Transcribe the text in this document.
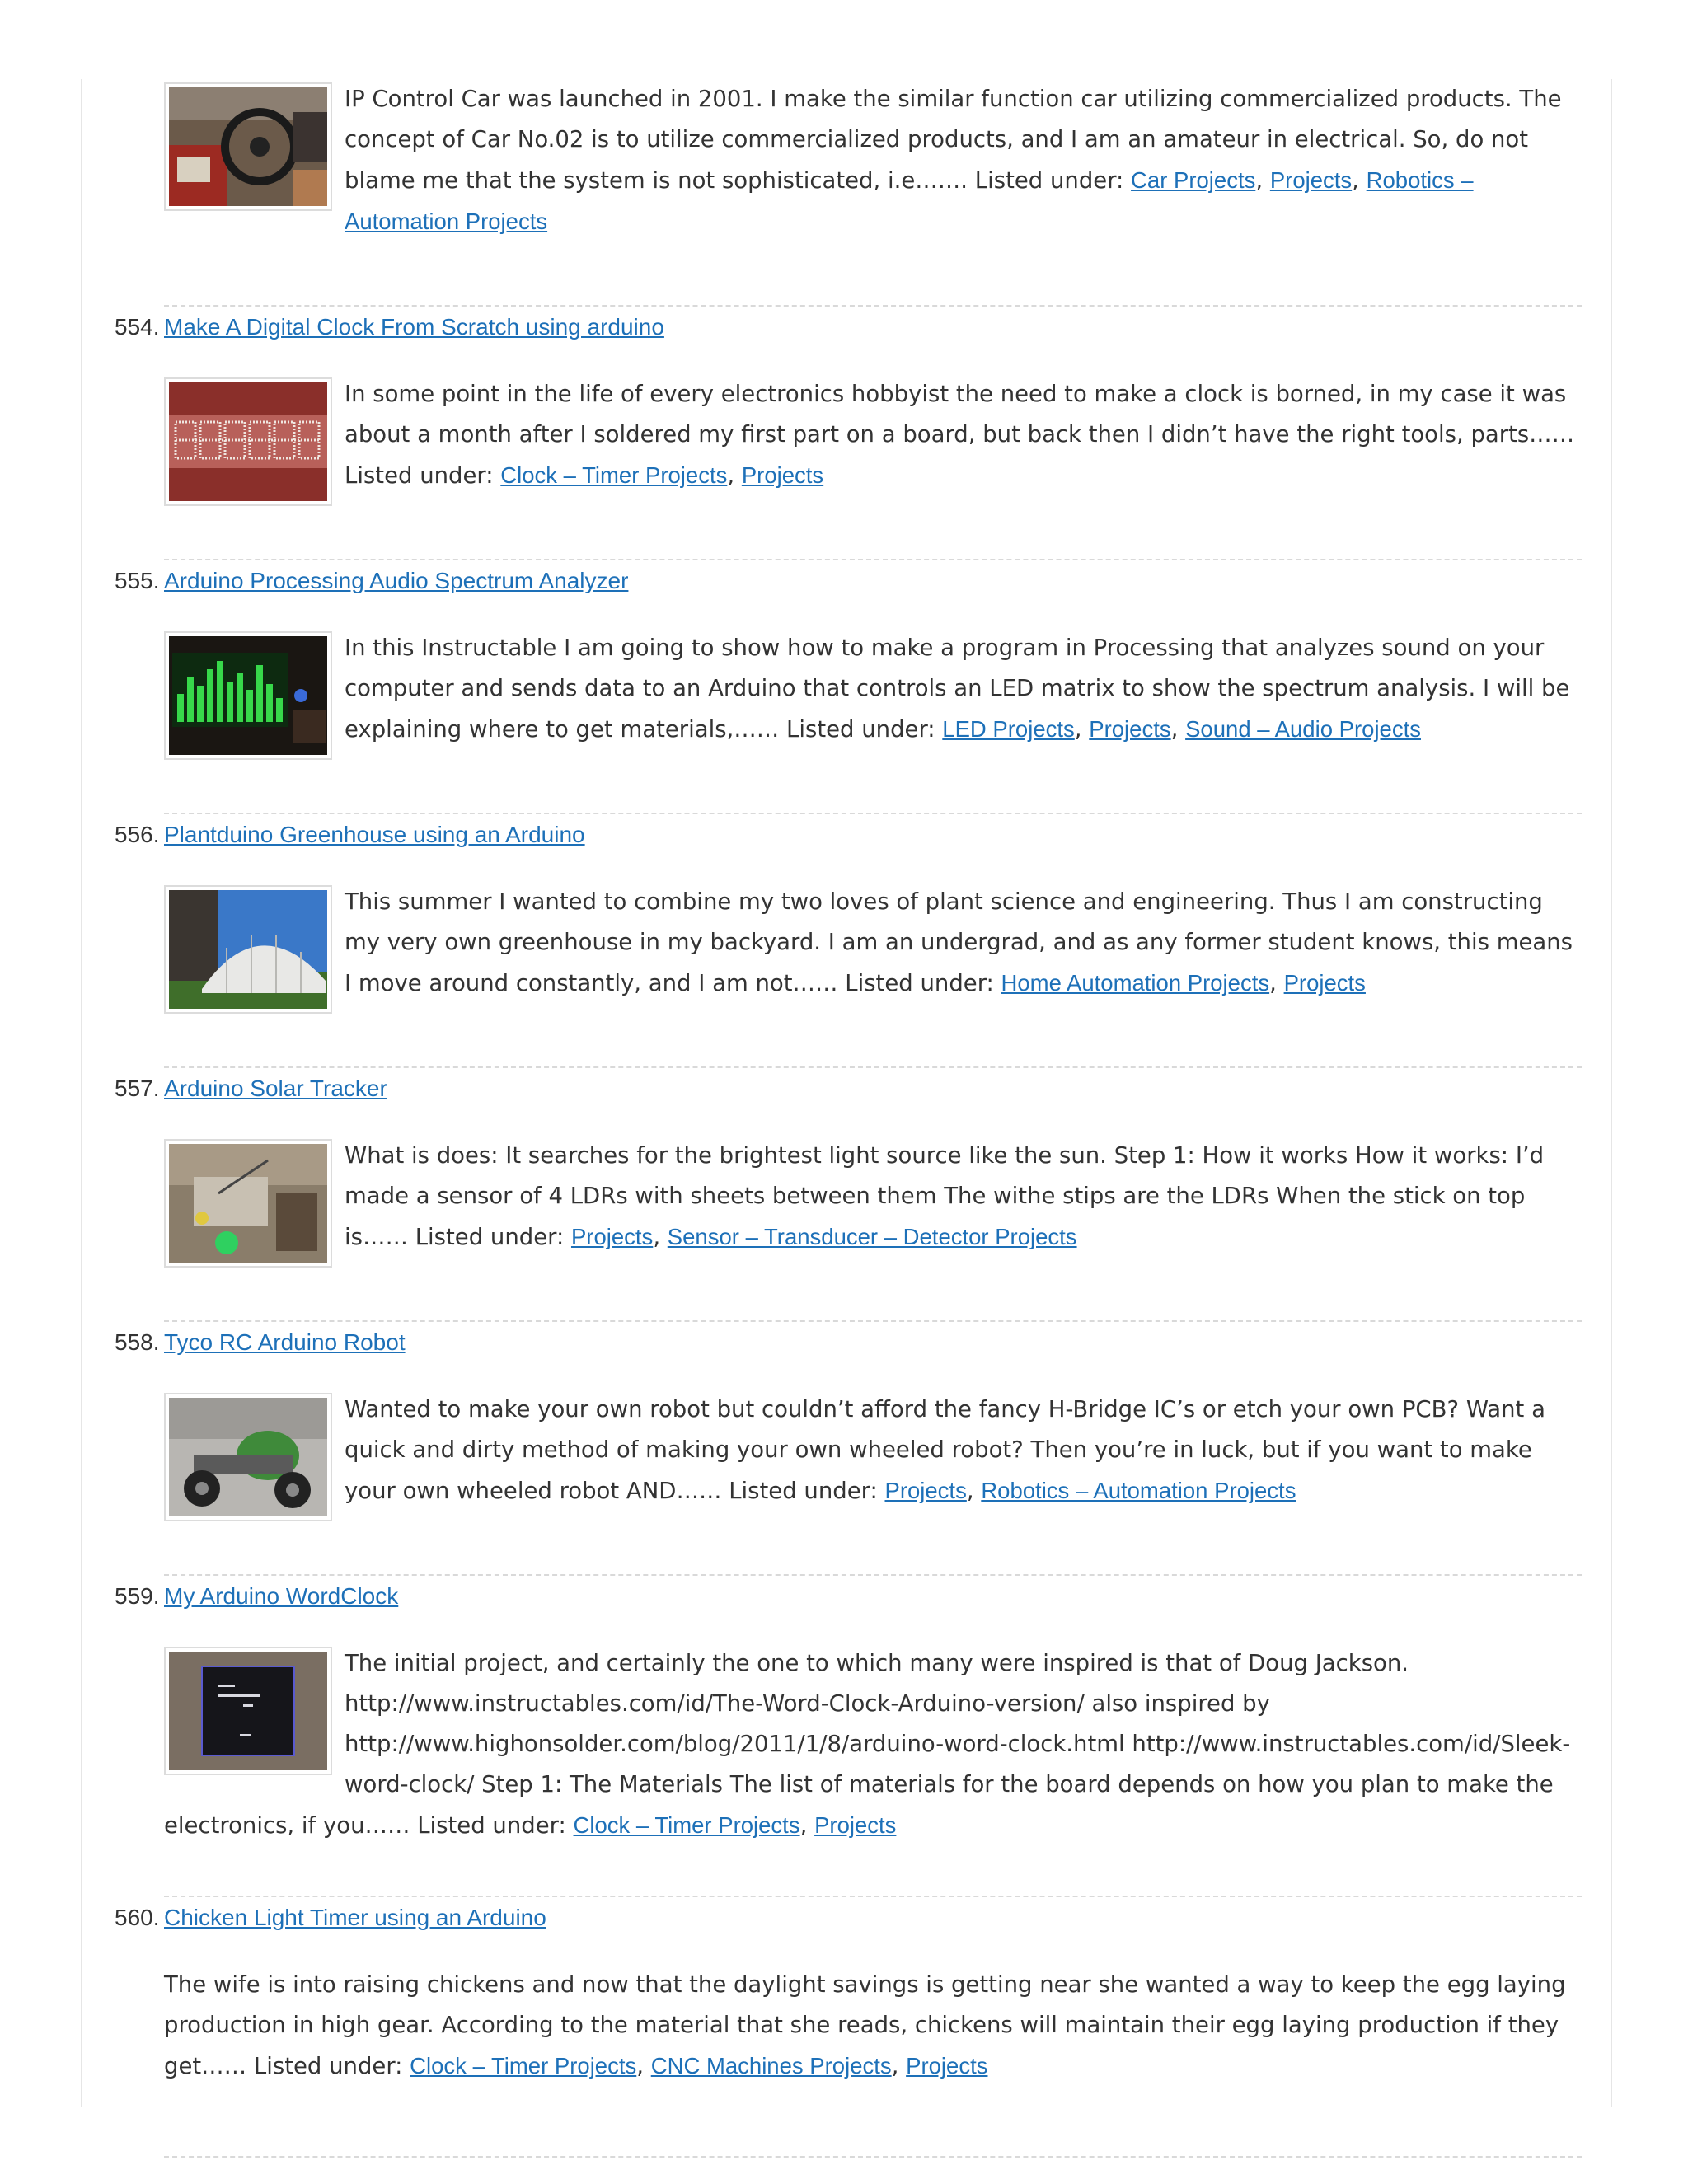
IP Control Car was launched in 2001. I make the similar function car utilizing commercialized products. The concept of Car No.02 is to utilize commercialized products, and I am an amateur in electrical. So, do not blame me that the system is not sophisticated, i.e……. Listed under: Car Projects, Projects, Robotics – Automation Projects
554. Make A Digital Clock From Scratch using arduino
In some point in the life of every electronics hobbyist the need to make a clock is borned, in my case it was about a month after I soldered my first part on a board, but back then I didn’t have the right tools, parts…… Listed under: Clock – Timer Projects, Projects
555. Arduino Processing Audio Spectrum Analyzer
In this Instructable I am going to show how to make a program in Processing that analyzes sound on your computer and sends data to an Arduino that controls an LED matrix to show the spectrum analysis. I will be explaining where to get materials,…… Listed under: LED Projects, Projects, Sound – Audio Projects
556. Plantduino Greenhouse using an Arduino
This summer I wanted to combine my two loves of plant science and engineering. Thus I am constructing my very own greenhouse in my backyard. I am an undergrad, and as any former student knows, this means I move around constantly, and I am not…… Listed under: Home Automation Projects, Projects
557. Arduino Solar Tracker
What is does: It searches for the brightest light source like the sun. Step 1: How it works How it works: I’d made a sensor of 4 LDRs with sheets between them The withe stips are the LDRs When the stick on top is…… Listed under: Projects, Sensor – Transducer – Detector Projects
558. Tyco RC Arduino Robot
Wanted to make your own robot but couldn’t afford the fancy H-Bridge IC’s or etch your own PCB? Want a quick and dirty method of making your own wheeled robot? Then you’re in luck, but if you want to make your own wheeled robot AND…… Listed under: Projects, Robotics – Automation Projects
559. My Arduino WordClock
The initial project, and certainly the one to which many were inspired is that of Doug Jackson. http://www.instructables.com/id/The-Word-Clock-Arduino-version/ also inspired by http://www.highonsolder.com/blog/2011/1/8/arduino-word-clock.html http://www.instructables.com/id/Sleek-word-clock/ Step 1: The Materials The list of materials for the board depends on how you plan to make the electronics, if you…… Listed under: Clock – Timer Projects, Projects
560. Chicken Light Timer using an Arduino
The wife is into raising chickens and now that the daylight savings is getting near she wanted a way to keep the egg laying production in high gear. According to the material that she reads, chickens will maintain their egg laying production if they get…… Listed under: Clock – Timer Projects, CNC Machines Projects, Projects
